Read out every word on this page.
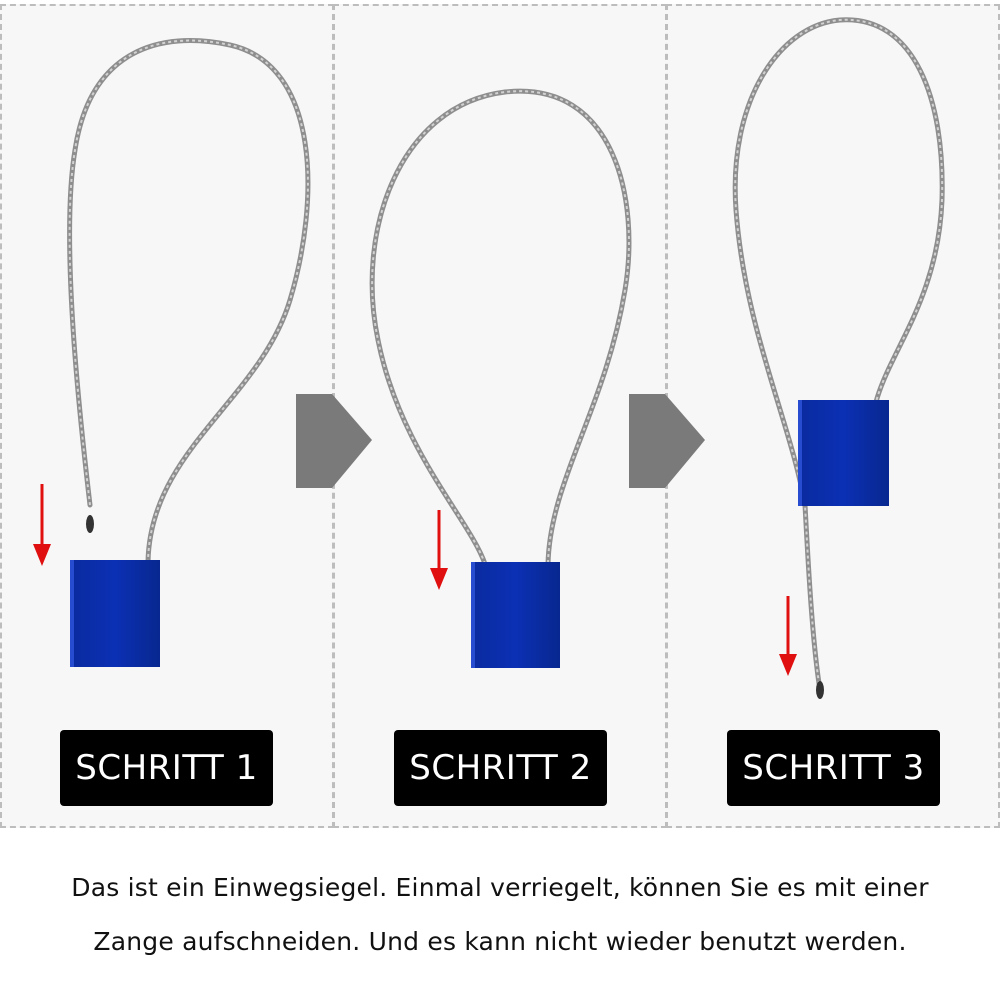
SCHRITT 1	SCHRITT 2	SCHRITT 3
Das ist ein Einwegsiegel. Einmal verriegelt, können Sie es mit einer
Zange aufschneiden. Und es kann nicht wieder benutzt werden.
